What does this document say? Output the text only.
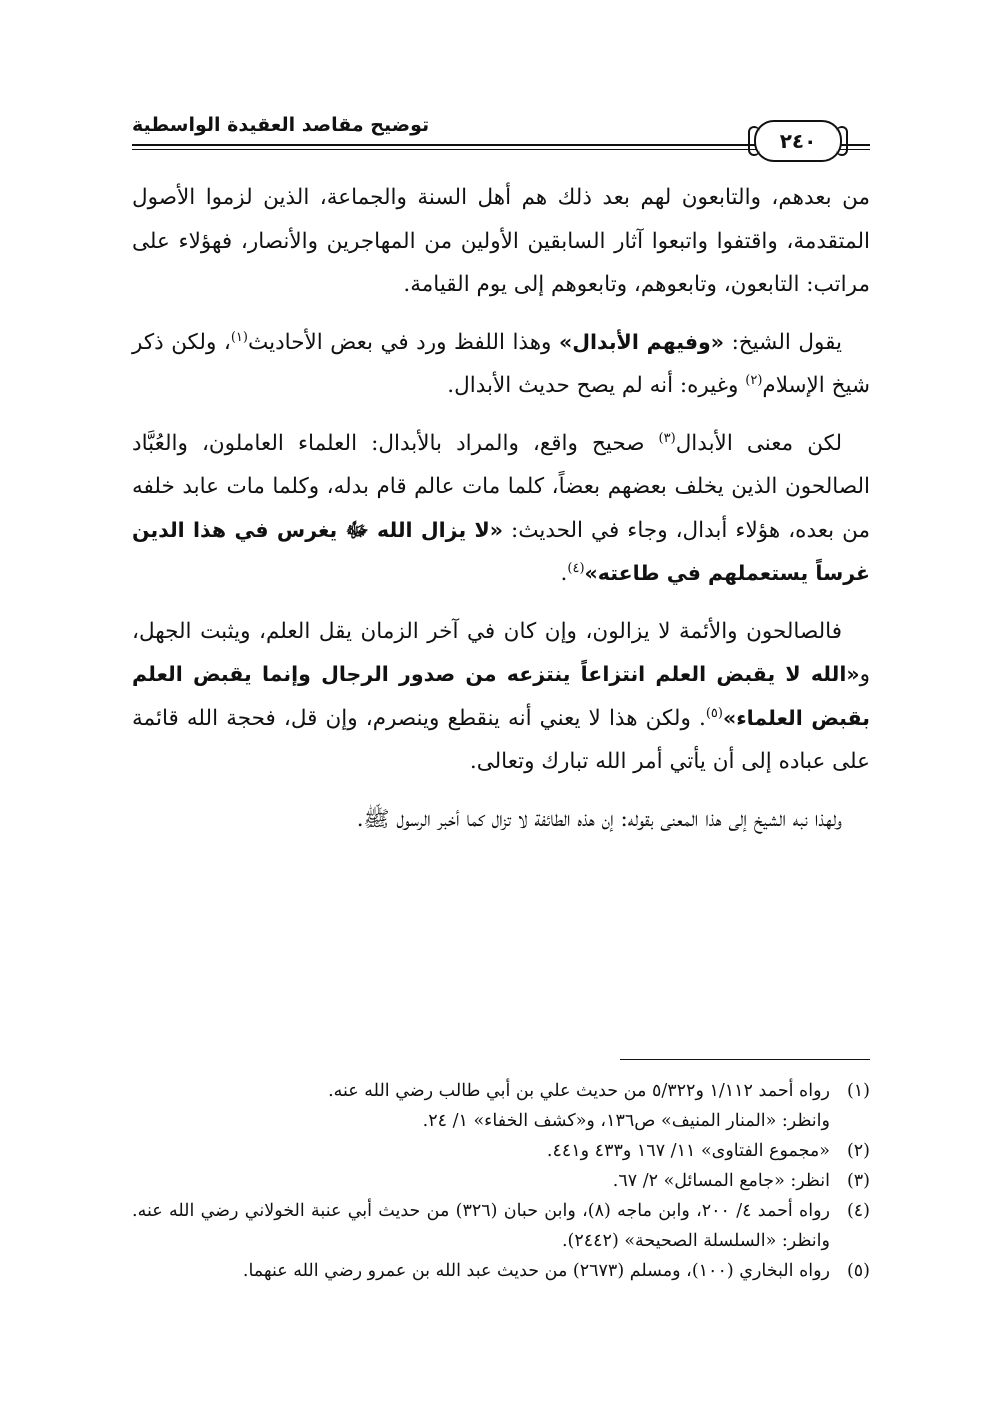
توضيح مقاصد العقيدة الواسطية
٢٤٠

من بعدهم، والتابعون لهم بعد ذلك هم أهل السنة والجماعة، الذين لزموا الأصول المتقدمة، واقتفوا واتبعوا آثار السابقين الأولين من المهاجرين والأنصار، فهؤلاء على مراتب: التابعون، وتابعوهم، وتابعوهم إلى يوم القيامة.

يقول الشيخ: «وفيهم الأبدال» وهذا اللفظ ورد في بعض الأحاديث$^{(١)}$، ولكن ذكر شيخ الإسلام$^{(٢)}$ وغيره: أنه لم يصح حديث الأبدال.

لكن معنى الأبدال$^{(٣)}$ صحيح واقع، والمراد بالأبدال: العلماء العاملون، والعُبَّاد الصالحون الذين يخلف بعضهم بعضاً، كلما مات عالم قام بدله، وكلما مات عابد خلفه من بعده، هؤلاء أبدال، وجاء في الحديث: «لا يزال الله ﷻ يغرس في هذا الدين غرساً يستعملهم في طاعته»$^{(٤)}$.

فالصالحون والأئمة لا يزالون، وإن كان في آخر الزمان يقل العلم، ويثبت الجهل، و«الله لا يقبض العلم انتزاعاً ينتزعه من صدور الرجال وإنما يقبض العلم بقبض العلماء»$^{(٥)}$. ولكن هذا لا يعني أنه ينقطع وينصرم، وإن قل، فحجة الله قائمة على عباده إلى أن يأتي أمر الله تبارك وتعالى.

ولهذا نبه الشيخ إلى هذا المعنى بقوله: إن هذه الطائفة لا تزال كما أخبر الرسول ﷺ.

(١)
رواه أحمد ١/١١٢ و٥/٣٢٢ من حديث علي بن أبي طالب رضي الله عنه.
وانظر: «المنار المنيف» ص١٣٦، و«كشف الخفاء» ١/ ٢٤.
(٢)
«مجموع الفتاوى» ١١/ ١٦٧ و٤٣٣ و٤٤١.
(٣)
انظر: «جامع المسائل» ٢/ ٦٧.
(٤)
رواه أحمد ٤/ ٢٠٠، وابن ماجه (٨)، وابن حبان (٣٢٦) من حديث أبي عنبة الخولاني رضي الله عنه. وانظر: «السلسلة الصحيحة» (٢٤٤٢).
(٥)
رواه البخاري (١٠٠)، ومسلم (٢٦٧٣) من حديث عبد الله بن عمرو رضي الله عنهما.
